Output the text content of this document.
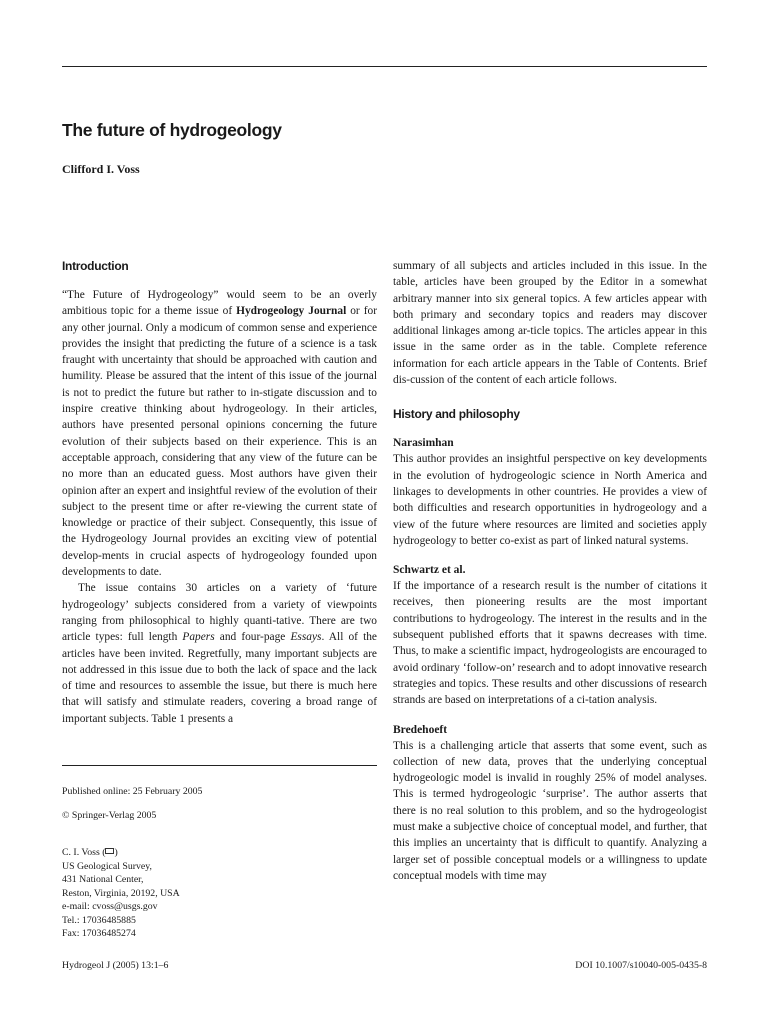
The future of hydrogeology

Clifford I. Voss

Introduction

“The Future of Hydrogeology” would seem to be an overly ambitious topic for a theme issue of Hydrogeology Journal or for any other journal. Only a modicum of common sense and experience provides the insight that predicting the future of a science is a task fraught with uncertainty that should be approached with caution and humility. Please be assured that the intent of this issue of the journal is not to predict the future but rather to in-stigate discussion and to inspire creative thinking about hydrogeology. In their articles, authors have presented personal opinions concerning the future evolution of their subjects based on their experience. This is an acceptable approach, considering that any view of the future can be no more than an educated guess. Most authors have given their opinion after an expert and insightful review of the evolution of their subject to the present time or after re-viewing the current state of knowledge or practice of their subject. Consequently, this issue of the Hydrogeology Journal provides an exciting view of potential develop-ments in crucial aspects of hydrogeology founded upon developments to date.

The issue contains 30 articles on a variety of ‘future hydrogeology’ subjects considered from a variety of viewpoints ranging from philosophical to highly quanti-tative. There are two article types: full length Papers and four-page Essays. All of the articles have been invited. Regretfully, many important subjects are not addressed in this issue due to both the lack of space and the lack of time and resources to assemble the issue, but there is much here that will satisfy and stimulate readers, covering a broad range of important subjects. Table 1 presents a

summary of all subjects and articles included in this issue. In the table, articles have been grouped by the Editor in a somewhat arbitrary manner into six general topics. A few articles appear with both primary and secondary topics and readers may discover additional linkages among ar-ticle topics. The articles appear in this issue in the same order as in the table. Complete reference information for each article appears in the Table of Contents. Brief dis-cussion of the content of each article follows.

History and philosophy

Narasimhan

This author provides an insightful perspective on key developments in the evolution of hydrogeologic science in North America and linkages to developments in other countries. He provides a view of both difficulties and research opportunities in hydrogeology and a view of the future where resources are limited and societies apply hydrogeology to better co-exist as part of linked natural systems.

Schwartz et al.

If the importance of a research result is the number of citations it receives, then pioneering results are the most important contributions to hydrogeology. The interest in the results and in the subsequent published efforts that it spawns decreases with time. Thus, to make a scientific impact, hydrogeologists are encouraged to avoid ordinary ‘follow-on’ research and to adopt innovative research strategies and topics. These results and other discussions of research strands are based on interpretations of a ci-tation analysis.

Bredehoeft

This is a challenging article that asserts that some event, such as collection of new data, proves that the underlying conceptual hydrogeologic model is invalid in roughly 25% of model analyses. This is termed hydrogeologic ‘surprise’. The author asserts that there is no real solution to this problem, and so the hydrogeologist must make a subjective choice of conceptual model, and further, that this implies an uncertainty that is difficult to quantify. Analyzing a larger set of possible conceptual models or a willingness to update conceptual models with time may

Published online: 25 February 2005

© Springer-Verlag 2005

C. I. Voss ( )

US Geological Survey,

431 National Center,

Reston, Virginia, 20192, USA

e-mail: cvoss@usgs.gov

Tel.: 17036485885

Fax: 17036485274

Hydrogeol J (2005) 13:1–6	DOI 10.1007/s10040-005-0435-8
